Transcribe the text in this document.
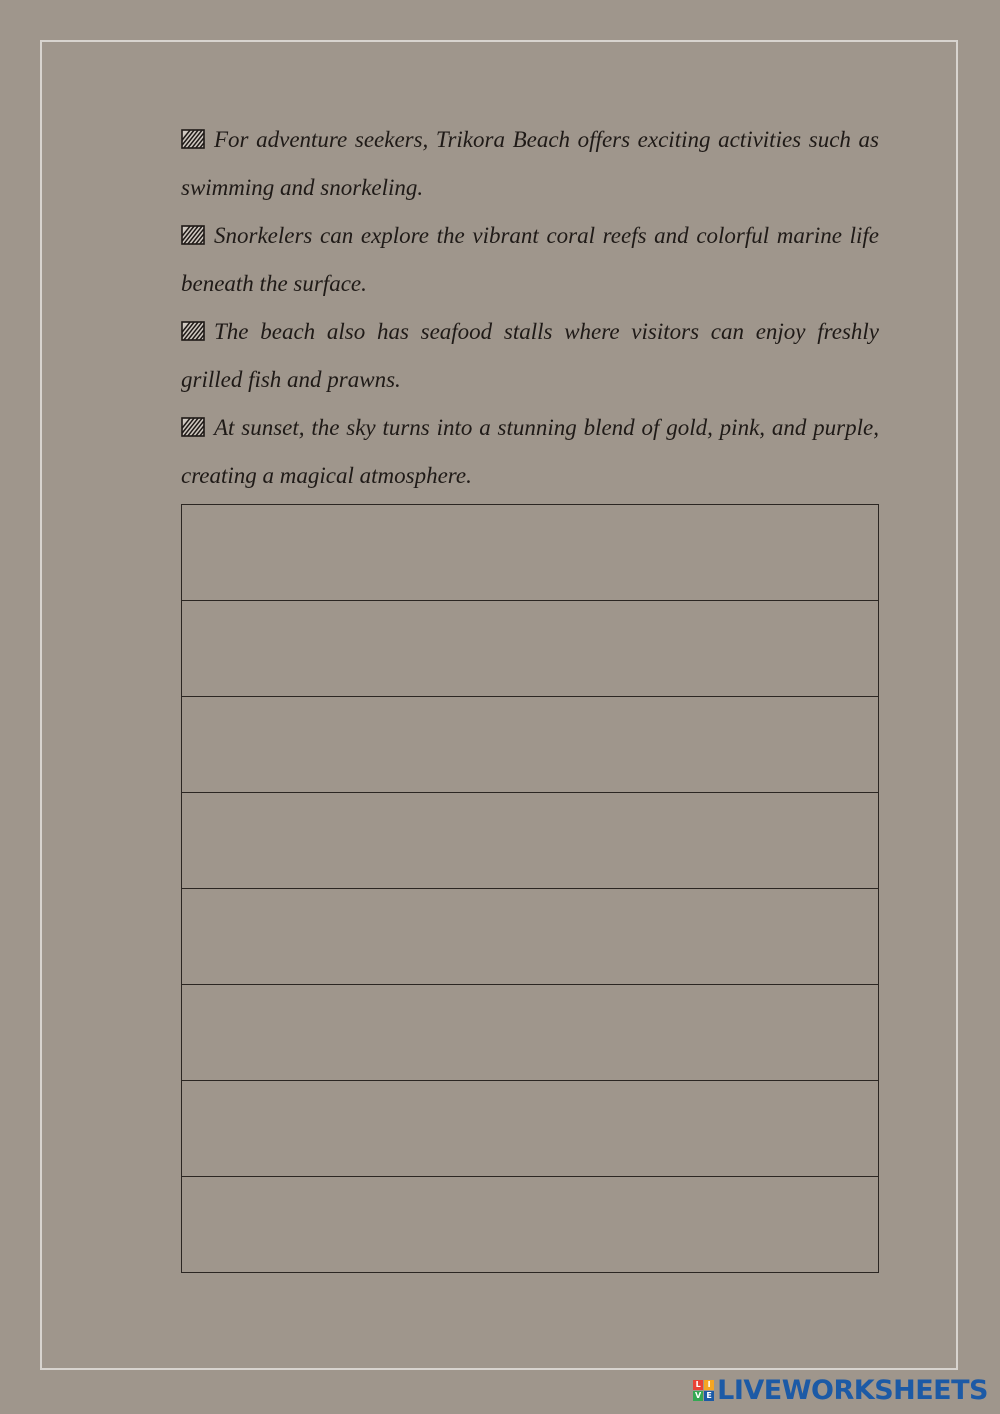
For adventure seekers, Trikora Beach offers exciting activities such as swimming and snorkeling.

Snorkelers can explore the vibrant coral reefs and colorful marine life beneath the surface.

The beach also has seafood stalls where visitors can enjoy freshly grilled fish and prawns.

At sunset, the sky turns into a stunning blend of gold, pink, and purple, creating a magical atmosphere.

L I
V E LIVEWORKSHEETS
